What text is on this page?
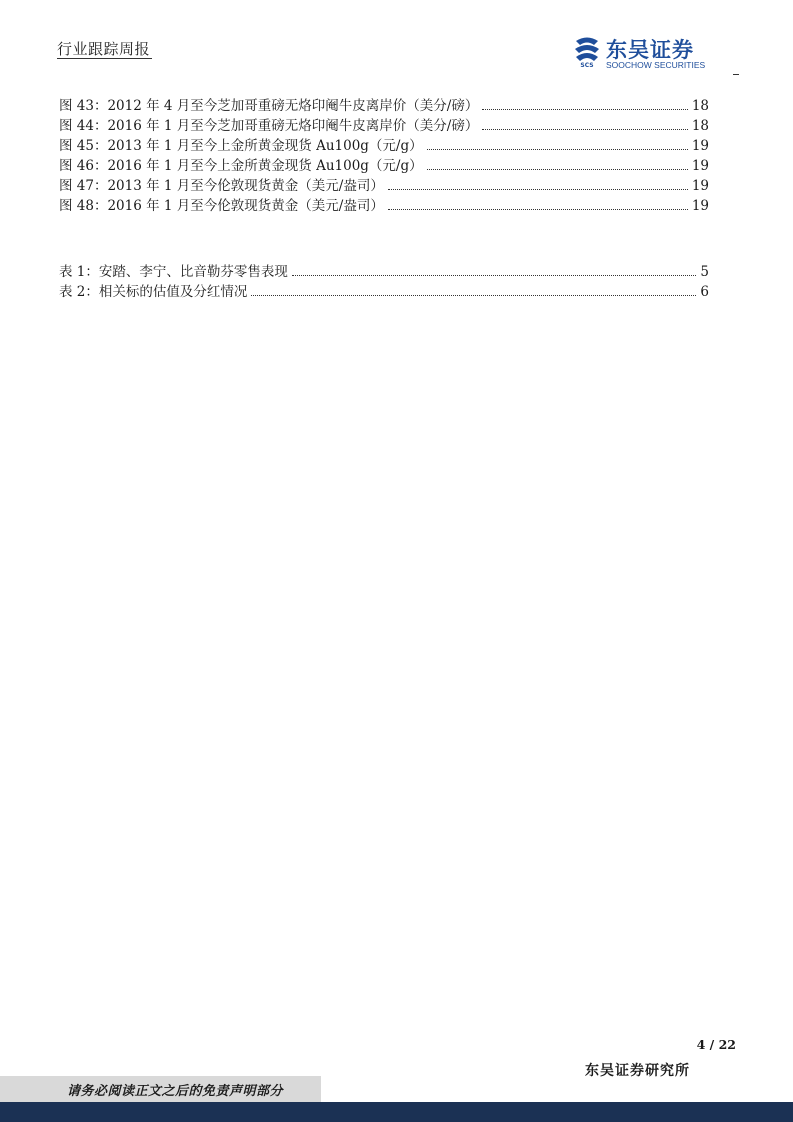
行业跟踪周报
SCS
东吴证券
SOOCHOW SECURITIES
图 43：2012 年 4 月至今芝加哥重磅无烙印阉牛皮离岸价（美分/磅）	18
图 44：2016 年 1 月至今芝加哥重磅无烙印阉牛皮离岸价（美分/磅）	18
图 45：2013 年 1 月至今上金所黄金现货 Au100g（元/g）	19
图 46：2016 年 1 月至今上金所黄金现货 Au100g（元/g）	19
图 47：2013 年 1 月至今伦敦现货黄金（美元/盎司）	19
图 48：2016 年 1 月至今伦敦现货黄金（美元/盎司）	19
表 1：安踏、李宁、比音勒芬零售表现	5
表 2：相关标的估值及分红情况	6
4 / 22
东吴证券研究所
请务必阅读正文之后的免责声明部分
